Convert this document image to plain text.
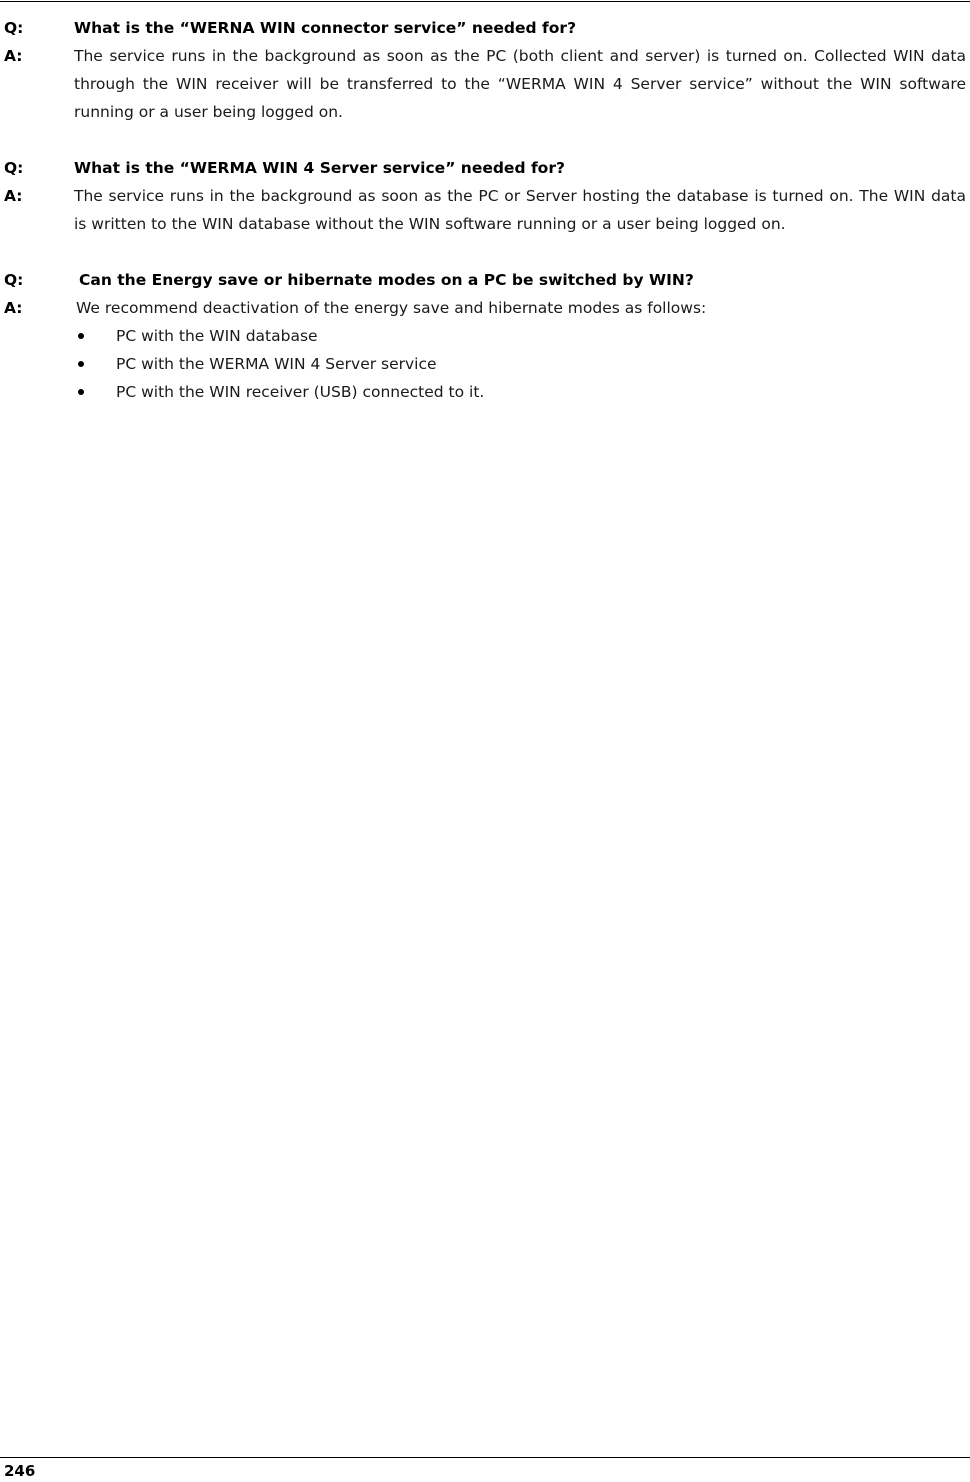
Q:	What is the “WERNA WIN connector service” needed for?
A:	The service runs in the background as soon as the PC (both client and server) is turned on. Collected WIN data through the WIN receiver will be transferred to the “WERMA WIN 4 Server service” without the WIN software running or a user being logged on.
Q:	What is the “WERMA WIN 4 Server service” needed for?
A:	The service runs in the background as soon as the PC or Server hosting the database is turned on. The WIN data is written to the WIN database without the WIN software running or a user being logged on.
Q:	Can the Energy save or hibernate modes on a PC be switched by WIN?
A:	We recommend deactivation of the energy save and hibernate modes as follows:
PC with the WIN database
PC with the WERMA WIN 4 Server service
PC with the WIN receiver (USB) connected to it.
246
